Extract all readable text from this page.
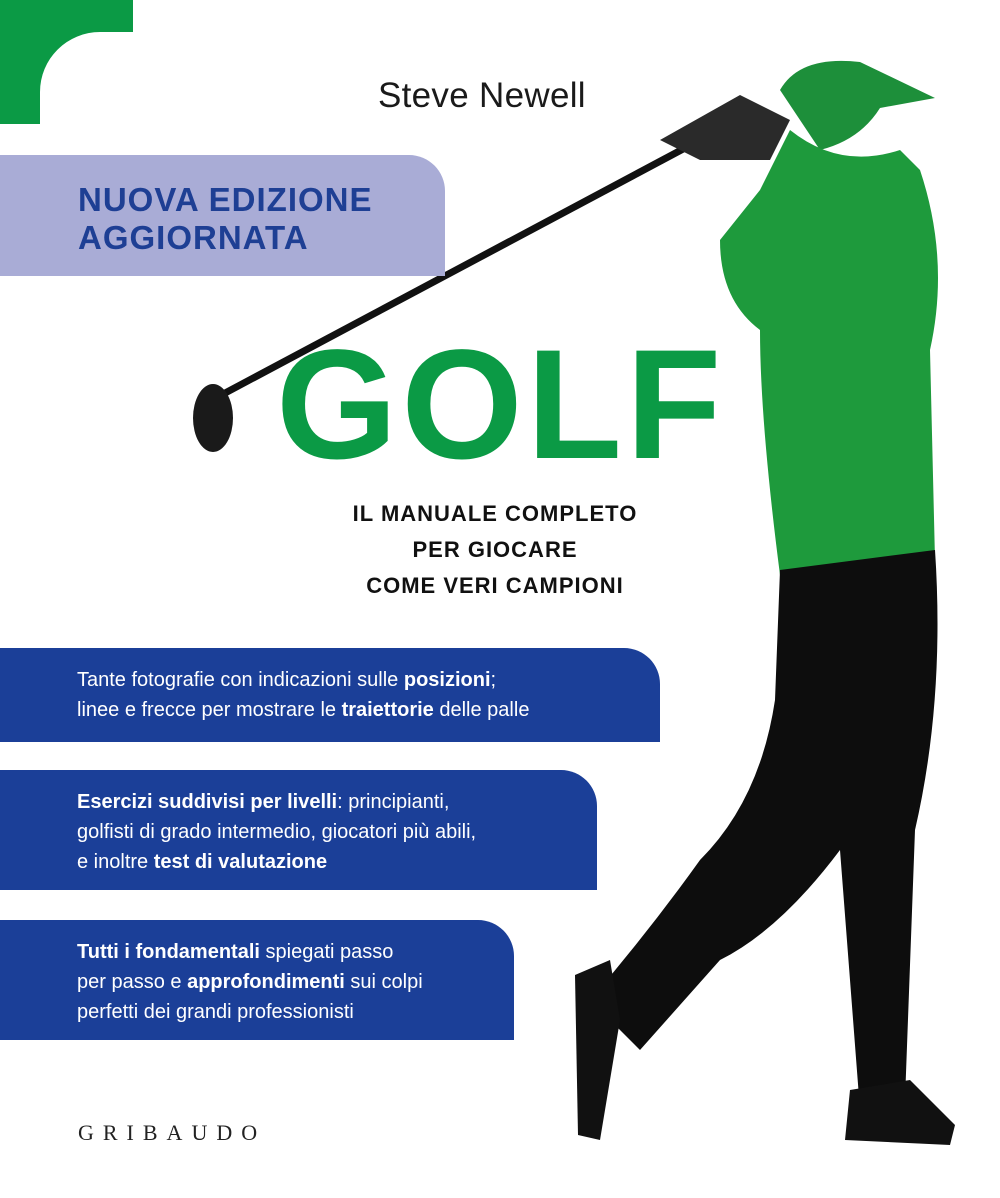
Steve Newell
NUOVA EDIZIONE
AGGIORNATA
GOLF
IL MANUALE COMPLETO
PER GIOCARE
COME VERI CAMPIONI
Tante fotografie con indicazioni sulle posizioni;
linee e frecce per mostrare le traiettorie delle palle
Esercizi suddivisi per livelli: principianti,
golfisti di grado intermedio, giocatori più abili,
e inoltre test di valutazione
Tutti i fondamentali spiegati passo
per passo e approfondimenti sui colpi
perfetti dei grandi professionisti
GRIBAUDO
